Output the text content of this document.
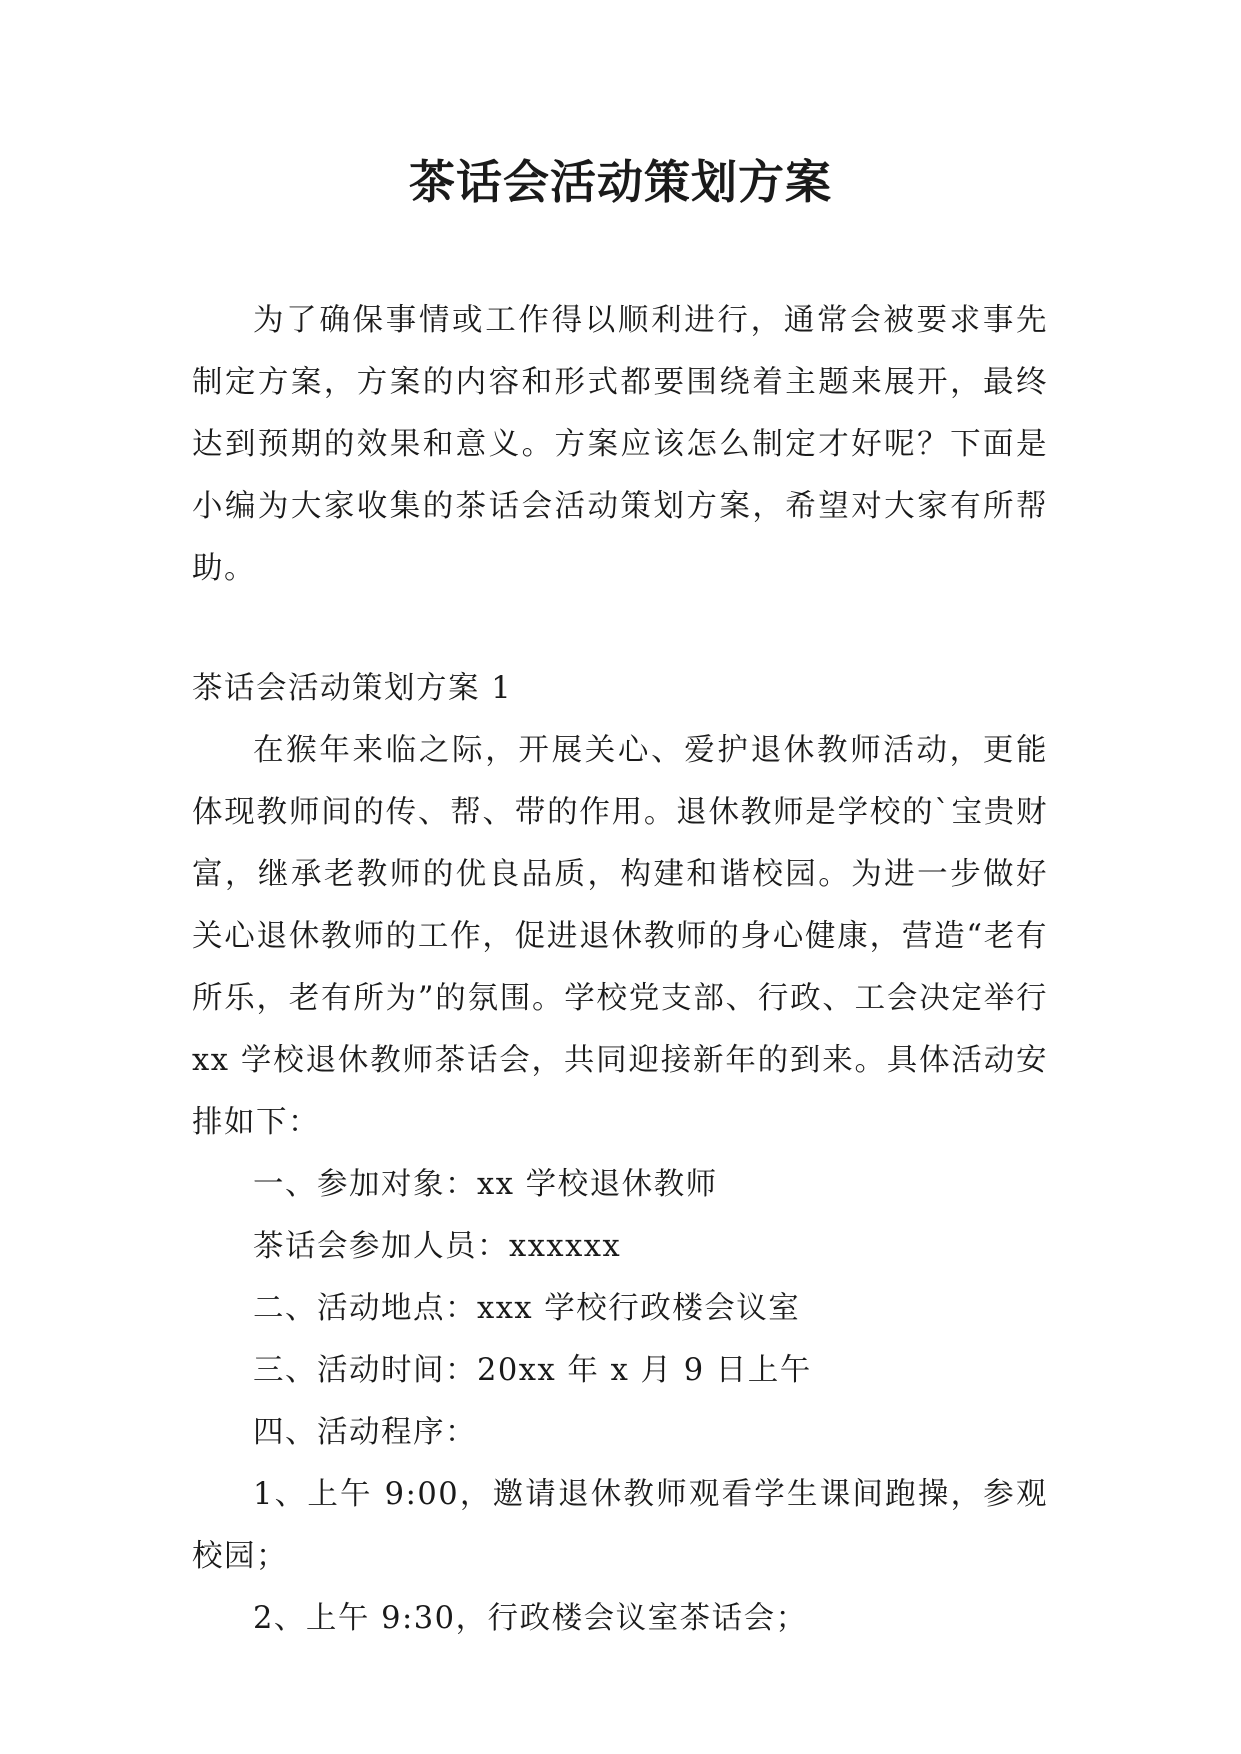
茶话会活动策划方案

为了确保事情或工作得以顺利进行，通常会被要求事先制定方案，方案的内容和形式都要围绕着主题来展开，最终达到预期的效果和意义。方案应该怎么制定才好呢？下面是小编为大家收集的茶话会活动策划方案，希望对大家有所帮助。

茶话会活动策划方案 1

在猴年来临之际，开展关心、爱护退休教师活动，更能体现教师间的传、帮、带的作用。退休教师是学校的`宝贵财富，继承老教师的优良品质，构建和谐校园。为进一步做好关心退休教师的工作，促进退休教师的身心健康，营造“老有所乐，老有所为”的氛围。学校党支部、行政、工会决定举行 xx 学校退休教师茶话会，共同迎接新年的到来。具体活动安排如下：

一、参加对象：xx 学校退休教师

茶话会参加人员：xxxxxx

二、活动地点：xxx 学校行政楼会议室

三、活动时间：20xx 年 x 月 9 日上午

四、活动程序：

1、上午 9:00，邀请退休教师观看学生课间跑操，参观校园；

2、上午 9:30，行政楼会议室茶话会；
